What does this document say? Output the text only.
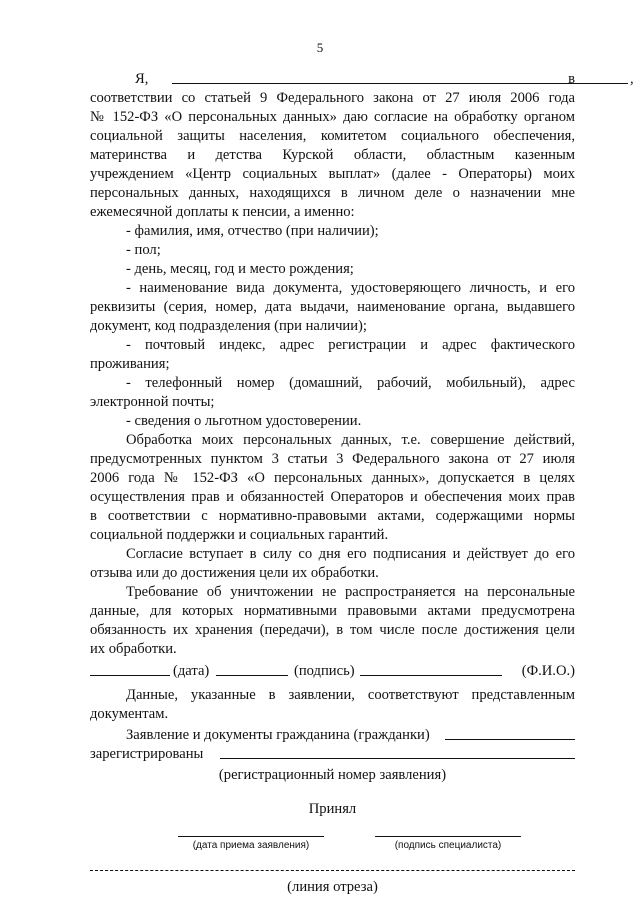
5
Я,	,
в
соответствии со статьей 9 Федерального закона от 27 июля 2006 года
№ 152-ФЗ «О персональных данных» даю согласие на обработку органом
социальной защиты населения, комитетом социального обеспечения,
материнства и детства Курской области, областным казенным
учреждением «Центр социальных выплат» (далее - Операторы) моих
персональных данных, находящихся в личном деле о назначении мне
ежемесячной доплаты к пенсии, а именно:
- фамилия, имя, отчество (при наличии);
- пол;
- день, месяц, год и место рождения;
- наименование вида документа, удостоверяющего личность, и его
реквизиты (серия, номер, дата выдачи, наименование органа, выдавшего
документ, код подразделения (при наличии);
- почтовый индекс, адрес регистрации и адрес фактического
проживания;
- телефонный номер (домашний, рабочий, мобильный), адрес
электронной почты;
- сведения о льготном удостоверении.
Обработка моих персональных данных, т.е. совершение действий,
предусмотренных пунктом 3 статьи 3 Федерального закона от 27 июля
2006 года № 152-ФЗ «О персональных данных», допускается в целях
осуществления прав и обязанностей Операторов и обеспечения моих прав
в соответствии с нормативно-правовыми актами, содержащими нормы
социальной поддержки и социальных гарантий.
Согласие вступает в силу со дня его подписания и действует до его
отзыва или до достижения цели их обработки.
Требование об уничтожении не распространяется на персональные
данные, для которых нормативными правовыми актами предусмотрена
обязанность их хранения (передачи), в том числе после достижения цели
их обработки.
(дата)	(подпись)	(Ф.И.О.)
Данные, указанные в заявлении, соответствуют представленным
документам.
Заявление и документы гражданина (гражданки)
зарегистрированы
(регистрационный номер заявления)
Принял
(дата приема заявления)	(подпись специалиста)
(линия отреза)
